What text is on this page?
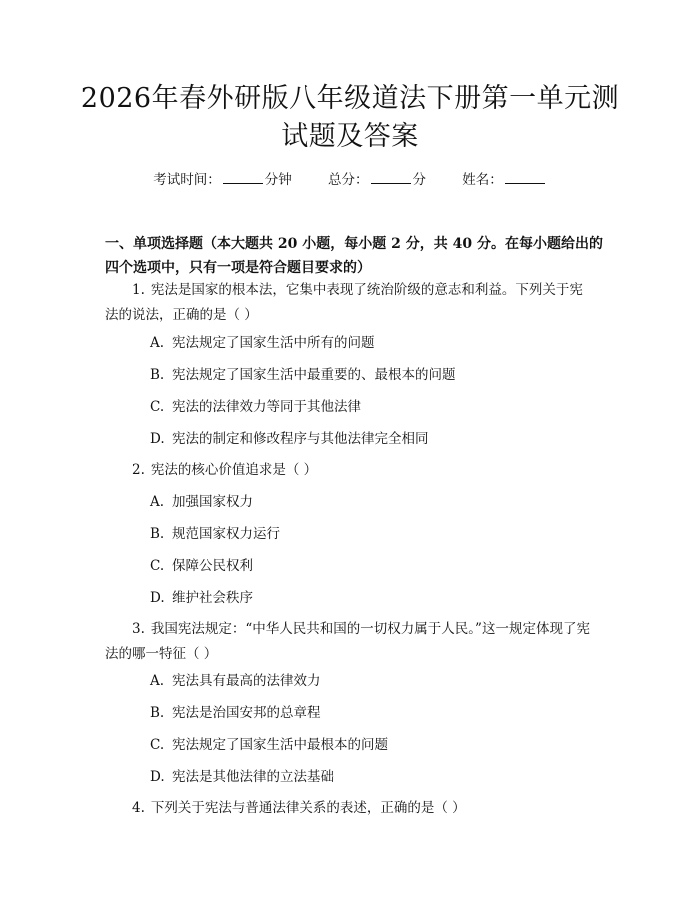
2026年春外研版八年级道法下册第一单元测试题及答案
考试时间：	分钟	总分：	分	姓名：
一、单项选择题（本大题共 20 小题，每小题 2 分，共 40 分。在每小题给出的四个选项中，只有一项是符合题目要求的）
1. 宪法是国家的根本法，它集中表现了统治阶级的意志和利益。下列关于宪法的说法，正确的是（ ）
A. 宪法规定了国家生活中所有的问题
B. 宪法规定了国家生活中最重要的、最根本的问题
C. 宪法的法律效力等同于其他法律
D. 宪法的制定和修改程序与其他法律完全相同
2. 宪法的核心价值追求是（ ）
A. 加强国家权力
B. 规范国家权力运行
C. 保障公民权利
D. 维护社会秩序
3. 我国宪法规定：“中华人民共和国的一切权力属于人民。”这一规定体现了宪法的哪一特征（ ）
A. 宪法具有最高的法律效力
B. 宪法是治国安邦的总章程
C. 宪法规定了国家生活中最根本的问题
D. 宪法是其他法律的立法基础
4. 下列关于宪法与普通法律关系的表述，正确的是（ ）
